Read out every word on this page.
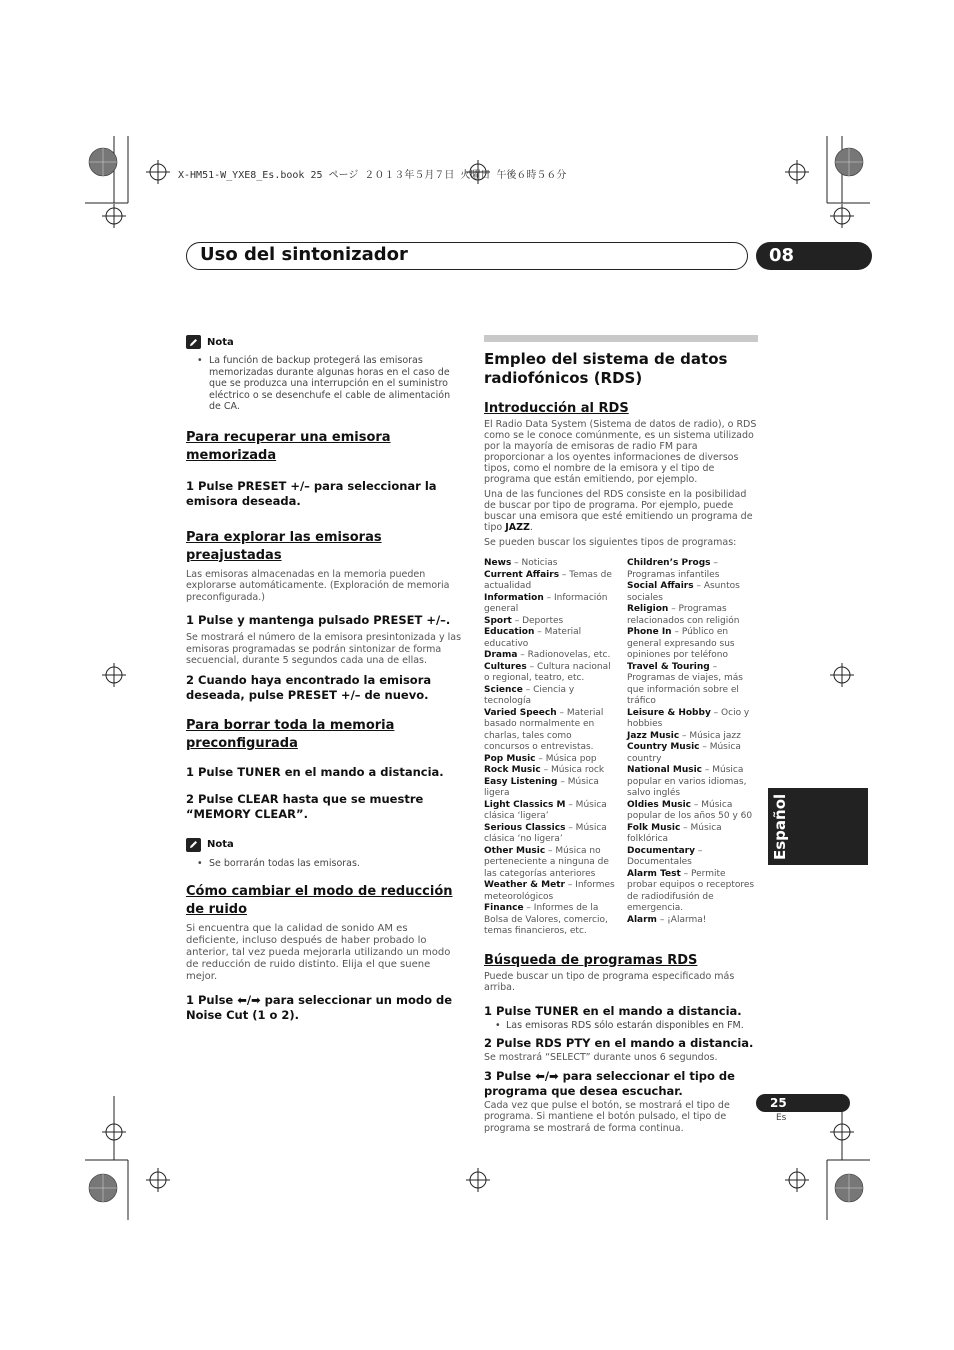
X-HM51-W_YXE8_Es.book 25 ページ ２０１３年５月７日 火曜日 午後６時５６分
Uso del sintonizador	08
Nota
• La función de backup protegerá las emisoras memorizadas durante algunas horas en el caso de que se produzca una interrupción en el suministro eléctrico o se desenchufe el cable de alimentación de CA.
Para recuperar una emisora memorizada
1 Pulse PRESET +/– para seleccionar la emisora deseada.
Para explorar las emisoras preajustadas
Las emisoras almacenadas en la memoria pueden explorarse automáticamente. (Exploración de memoria preconfigurada.)
1 Pulse y mantenga pulsado PRESET +/–.
Se mostrará el número de la emisora presintonizada y las emisoras programadas se podrán sintonizar de forma secuencial, durante 5 segundos cada una de ellas.
2 Cuando haya encontrado la emisora deseada, pulse PRESET +/– de nuevo.
Para borrar toda la memoria preconfigurada
1 Pulse TUNER en el mando a distancia.
2 Pulse CLEAR hasta que se muestre “MEMORY CLEAR”.
Nota
• Se borrarán todas las emisoras.
Cómo cambiar el modo de reducción de ruido
Si encuentra que la calidad de sonido AM es deficiente, incluso después de haber probado lo anterior, tal vez pueda mejorarla utilizando un modo de reducción de ruido distinto. Elija el que suene mejor.
1 Pulse ⬅/➡ para seleccionar un modo de Noise Cut (1 o 2).
Empleo del sistema de datos radiofónicos (RDS)
Introducción al RDS
El Radio Data System (Sistema de datos de radio), o RDS como se le conoce comúnmente, es un sistema utilizado por la mayoría de emisoras de radio FM para proporcionar a los oyentes informaciones de diversos tipos, como el nombre de la emisora y el tipo de programa que están emitiendo, por ejemplo.
Una de las funciones del RDS consiste en la posibilidad de buscar por tipo de programa. Por ejemplo, puede buscar una emisora que esté emitiendo un programa de tipo JAZZ.
Se pueden buscar los siguientes tipos de programas:
News – Noticias
Current Affairs – Temas de actualidad
Information – Información general
Sport – Deportes
Education – Material educativo
Drama – Radionovelas, etc.
Cultures – Cultura nacional o regional, teatro, etc.
Science – Ciencia y tecnología
Varied Speech – Material basado normalmente en charlas, tales como concursos o entrevistas.
Pop Music – Música pop
Rock Music – Música rock
Easy Listening – Música ligera
Light Classics M – Música clásica ‘ligera’
Serious Classics – Música clásica ‘no ligera’
Other Music – Música no perteneciente a ninguna de las categorías anteriores
Weather & Metr – Informes meteorológicos
Finance – Informes de la Bolsa de Valores, comercio, temas financieros, etc.
Children’s Progs – Programas infantiles
Social Affairs – Asuntos sociales
Religion – Programas relacionados con religión
Phone In – Público en general expresando sus opiniones por teléfono
Travel & Touring – Programas de viajes, más que información sobre el tráfico
Leisure & Hobby – Ocio y hobbies
Jazz Music – Música jazz
Country Music – Música country
National Music – Música popular en varios idiomas, salvo inglés
Oldies Music – Música popular de los años 50 y 60
Folk Music – Música folklórica
Documentary – Documentales
Alarm Test – Permite probar equipos o receptores de radiodifusión de emergencia.
Alarm – ¡Alarma!
Búsqueda de programas RDS
Puede buscar un tipo de programa especificado más arriba.
1 Pulse TUNER en el mando a distancia.
• Las emisoras RDS sólo estarán disponibles en FM.
2 Pulse RDS PTY en el mando a distancia.
Se mostrará “SELECT” durante unos 6 segundos.
3 Pulse ⬅/➡ para seleccionar el tipo de programa que desea escuchar.
Cada vez que pulse el botón, se mostrará el tipo de programa. Si mantiene el botón pulsado, el tipo de programa se mostrará de forma continua.
Español
25
Es
